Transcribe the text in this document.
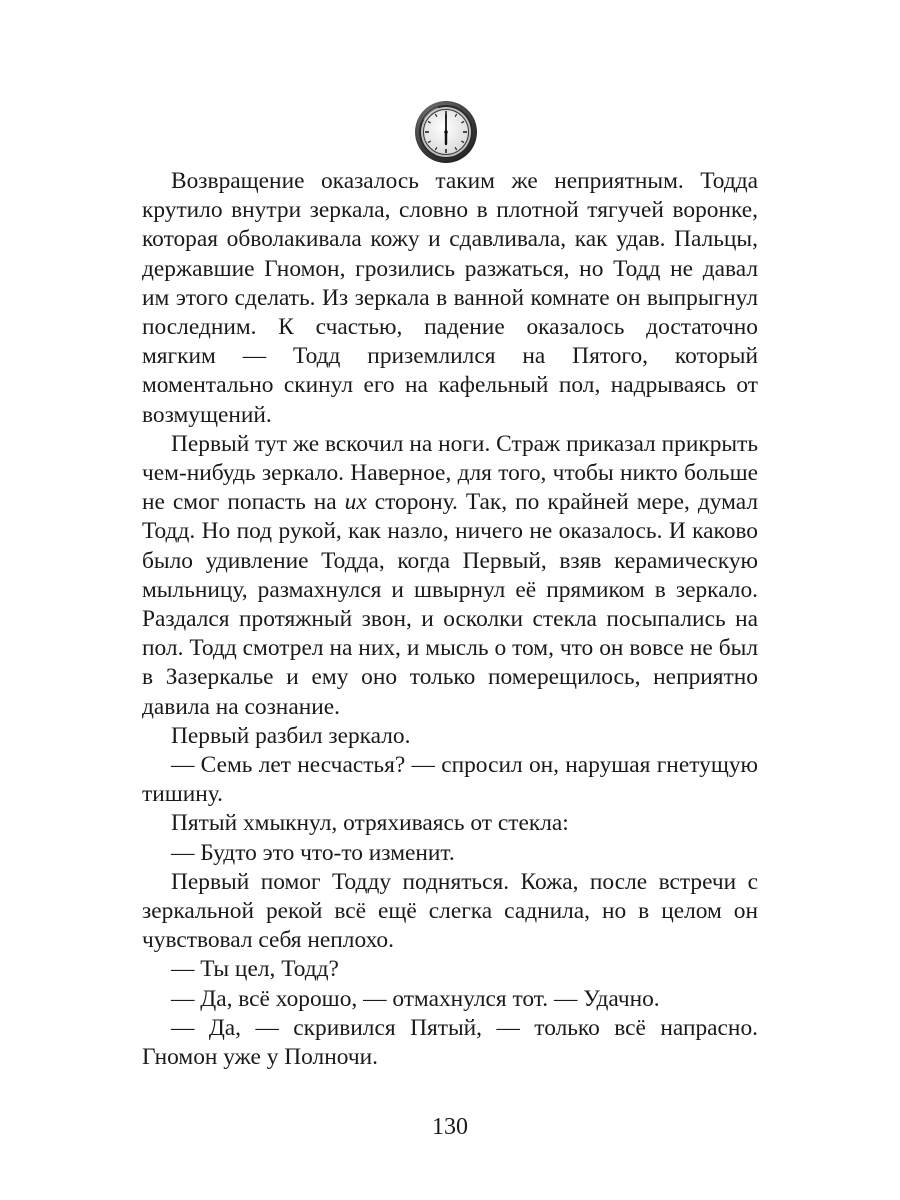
Возвращение оказалось таким же неприятным. Тодда крутило внутри зеркала, словно в плотной тягучей воронке, которая обволакивала кожу и сдавливала, как удав. Пальцы, державшие Гномон, грозились разжаться, но Тодд не давал им этого сделать. Из зеркала в ванной комнате он выпрыгнул последним. К счастью, падение оказалось достаточно мягким — Тодд приземлился на Пятого, который моментально скинул его на кафельный пол, надрываясь от возмущений.

Первый тут же вскочил на ноги. Страж приказал прикрыть чем-нибудь зеркало. Наверное, для того, чтобы никто больше не смог попасть на их сторону. Так, по крайней мере, думал Тодд. Но под рукой, как назло, ничего не оказалось. И каково было удивление Тодда, когда Первый, взяв керамическую мыльницу, размахнулся и швырнул её прямиком в зеркало. Раздался протяжный звон, и осколки стекла посыпались на пол. Тодд смотрел на них, и мысль о том, что он вовсе не был в Зазеркалье и ему оно только померещилось, неприятно давила на сознание.

Первый разбил зеркало.

— Семь лет несчастья? — спросил он, нарушая гнетущую тишину.

Пятый хмыкнул, отряхиваясь от стекла:

— Будто это что-то изменит.

Первый помог Тодду подняться. Кожа, после встречи с зеркальной рекой всё ещё слегка саднила, но в целом он чувствовал себя неплохо.

— Ты цел, Тодд?

— Да, всё хорошо, — отмахнулся тот. — Удачно.

— Да, — скривился Пятый, — только всё напрасно. Гномон уже у Полночи.

130
